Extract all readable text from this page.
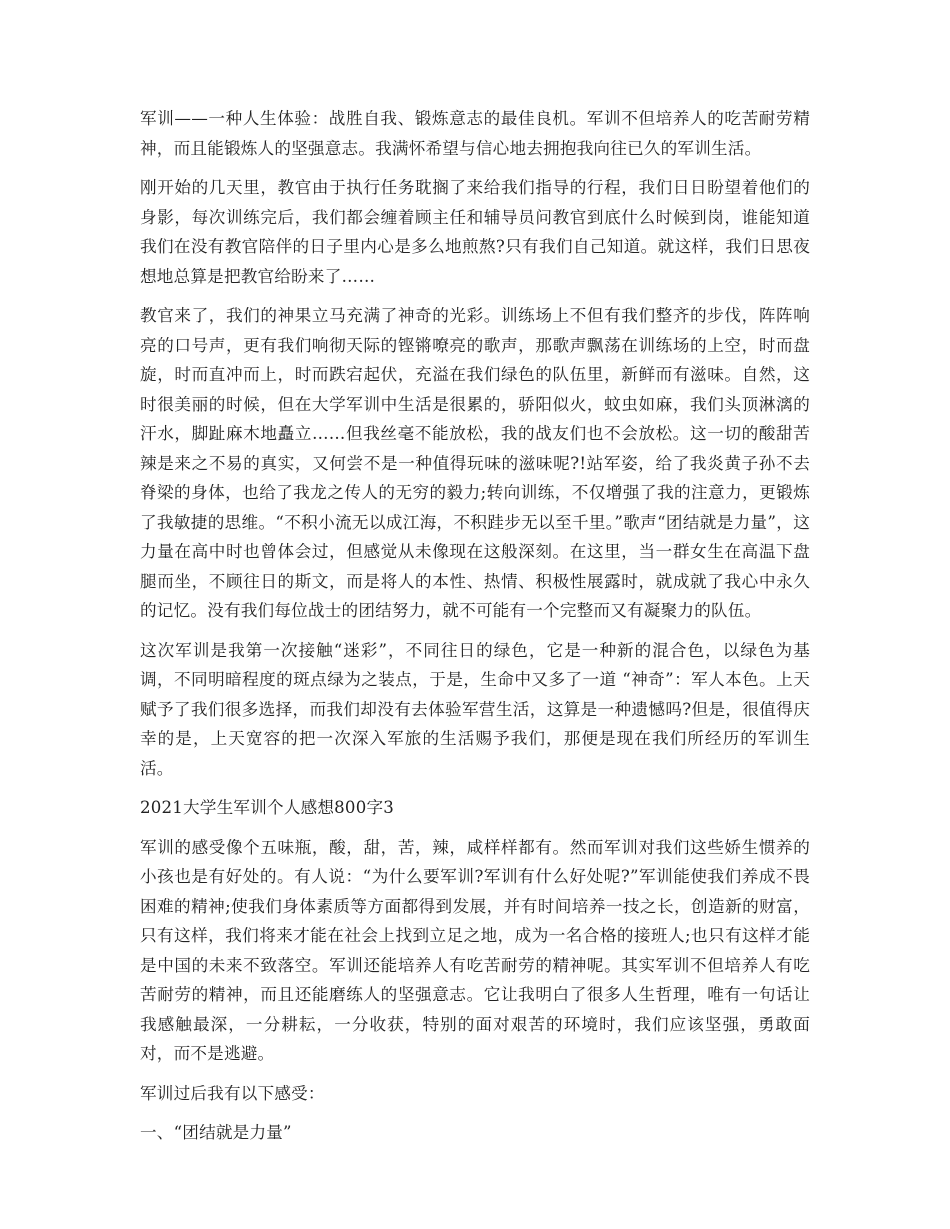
军训——一种人生体验：战胜自我、锻炼意志的最佳良机。军训不但培养人的吃苦耐劳精神，而且能锻炼人的坚强意志。我满怀希望与信心地去拥抱我向往已久的军训生活。

刚开始的几天里，教官由于执行任务耽搁了来给我们指导的行程，我们日日盼望着他们的身影，每次训练完后，我们都会缠着顾主任和辅导员问教官到底什么时候到岗，谁能知道我们在没有教官陪伴的日子里内心是多么地煎熬?只有我们自己知道。就这样，我们日思夜想地总算是把教官给盼来了……

教官来了，我们的神果立马充满了神奇的光彩。训练场上不但有我们整齐的步伐，阵阵响亮的口号声，更有我们响彻天际的铿锵嘹亮的歌声，那歌声飘荡在训练场的上空，时而盘旋，时而直冲而上，时而跌宕起伏，充溢在我们绿色的队伍里，新鲜而有滋味。自然，这时很美丽的时候，但在大学军训中生活是很累的，骄阳似火，蚊虫如麻，我们头顶淋漓的汗水，脚趾麻木地矗立……但我丝毫不能放松，我的战友们也不会放松。这一切的酸甜苦辣是来之不易的真实，又何尝不是一种值得玩味的滋味呢?!站军姿，给了我炎黄子孙不去脊梁的身体，也给了我龙之传人的无穷的毅力;转向训练，不仅增强了我的注意力，更锻炼了我敏捷的思维。“不积小流无以成江海，不积跬步无以至千里。”歌声“团结就是力量”，这力量在高中时也曾体会过，但感觉从未像现在这般深刻。在这里，当一群女生在高温下盘腿而坐，不顾往日的斯文，而是将人的本性、热情、积极性展露时，就成就了我心中永久的记忆。没有我们每位战士的团结努力，就不可能有一个完整而又有凝聚力的队伍。

这次军训是我第一次接触“迷彩”，不同往日的绿色，它是一种新的混合色，以绿色为基调，不同明暗程度的斑点绿为之装点，于是，生命中又多了一道 “神奇”：军人本色。上天赋予了我们很多选择，而我们却没有去体验军营生活，这算是一种遗憾吗?但是，很值得庆幸的是，上天宽容的把一次深入军旅的生活赐予我们，那便是现在我们所经历的军训生活。

2021大学生军训个人感想800字3

军训的感受像个五味瓶，酸，甜，苦，辣，咸样样都有。然而军训对我们这些娇生惯养的小孩也是有好处的。有人说：“为什么要军训?军训有什么好处呢?”军训能使我们养成不畏困难的精神;使我们身体素质等方面都得到发展，并有时间培养一技之长，创造新的财富，只有这样，我们将来才能在社会上找到立足之地，成为一名合格的接班人;也只有这样才能是中国的未来不致落空。军训还能培养人有吃苦耐劳的精神呢。其实军训不但培养人有吃苦耐劳的精神，而且还能磨练人的坚强意志。它让我明白了很多人生哲理，唯有一句话让我感触最深，一分耕耘，一分收获，特别的面对艰苦的环境时，我们应该坚强，勇敢面对，而不是逃避。

军训过后我有以下感受：

一、“团结就是力量”
